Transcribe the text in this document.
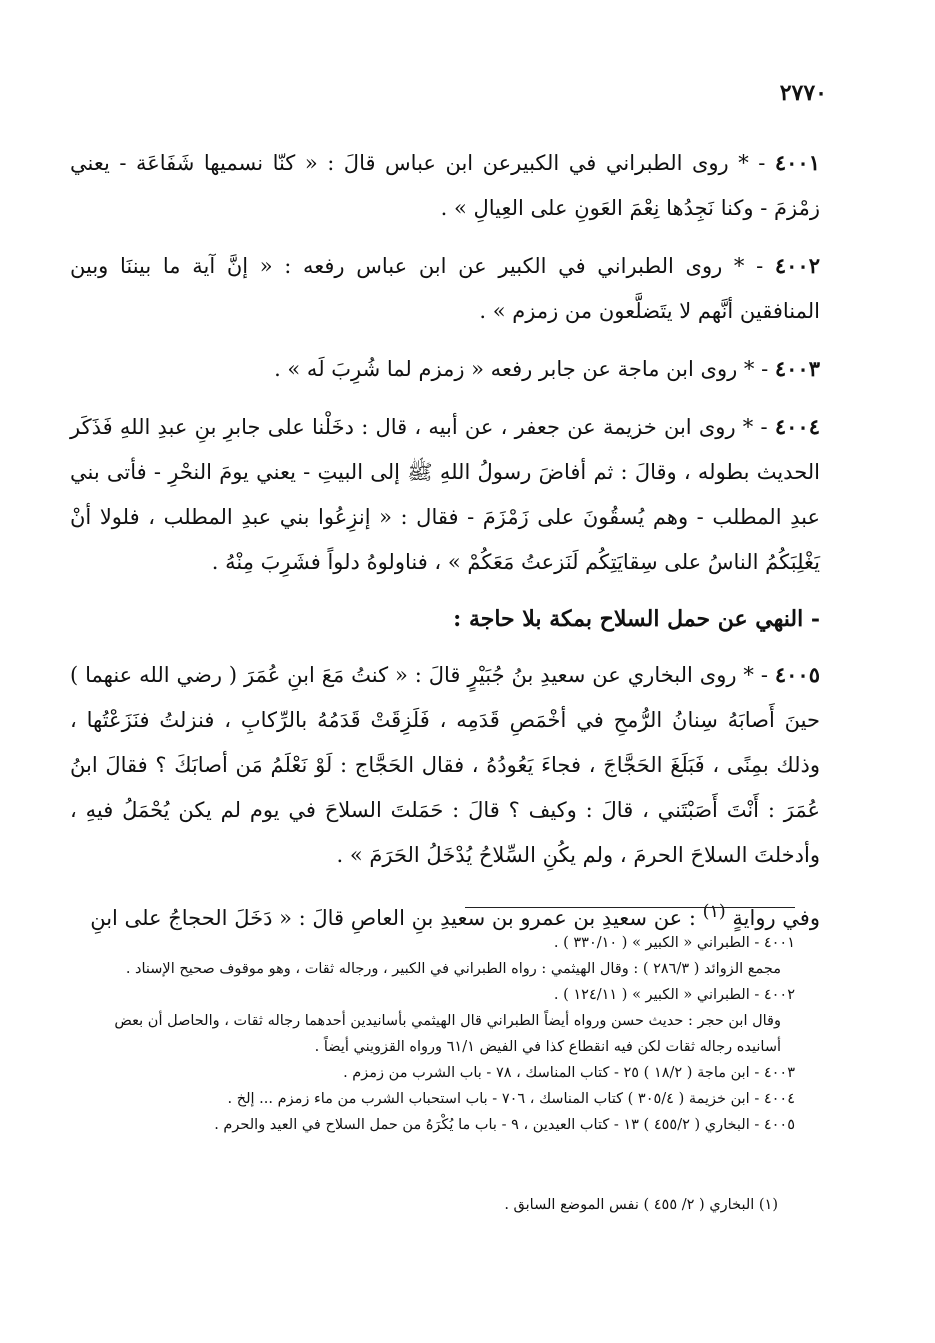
٢٧٧٠

٤٠٠١ - * روى الطبراني في الكبيرعن ابن عباس قالَ : « كنّا نسميها شَفَاعَة - يعني زمْزمَ - وكنا نَجِدُها نِعْمَ العَونِ على العِيالِ » .

٤٠٠٢ - * روى الطبراني في الكبير عن ابن عباس رفعه : « إنَّ آية ما بيننَا وبين المنافقين أنَّهم لا يتَضلَّعون من زمزم » .

٤٠٠٣ - * روى ابن ماجة عن جابر رفعه « زمزم لما شُرِبَ لَه » .

٤٠٠٤ - * روى ابن خزيمة عن جعفر ، عن أبيه ، قال : دخَلْنا على جابرِ بنِ عبدِ اللهِ فَذَكَر الحديث بطوله ، وقالَ : ثم أفاضَ رسولُ اللهِ ﷺ إلى البيتِ - يعني يومَ النحْرِ - فأتى بني عبدِ المطلب - وهم يُسقُونَ على زَمْزَمَ - فقال : « إنزِعُوا بني عبدِ المطلب ، فلولا أنْ يَغْلِبَكُمُ الناسُ على سِقايَتِكُم لَنَزعتُ مَعَكُمْ » ، فناولوهُ دلواً فشَرِبَ مِنْهُ .

- النهي عن حمل السلاح بمكة بلا حاجة :

٤٠٠٥ - * روى البخاري عن سعيدِ بنُ جُبَيْرٍ قالَ : « كنتُ مَعَ ابنِ عُمَرَ ( رضي الله عنهما ) حينَ أَصابَهُ سِنانُ الرُّمحِ في أخْمَصِ قَدَمِه ، فَلَزِقَتْ قَدَمُهُ بالرِّكابِ ، فنزلتُ فنَزَعْتُها ، وذلك بمِنًى ، فَبَلَغَ الحَجَّاجَ ، فجاءَ يَعُودُهُ ، فقال الحَجَّاج : لَوْ نَعْلَمُ مَن أصابَكَ ؟ فقالَ ابنُ عُمَرَ : أَنْتَ أَصَبْتَني ، قالَ : وكيف ؟ قالَ : حَمَلتَ السلاحَ في يوم لم يكن يُحْمَلُ فيهِ ، وأدخلتَ السلاحَ الحرمَ ، ولم يكُنِ السِّلاحُ يُدْخَلُ الحَرَمَ » .

وفي روايةٍ $^{(١)}$ : عن سعيدِ بن عمرو بن سعيدِ بنِ العاصِ قالَ : « دَخَلَ الحجاجُ على ابنِ

٤٠٠١ - الطبراني « الكبير » ( ٣٣٠/١٠ ) .

مجمع الزوائد ( ٢٨٦/٣ ) : وقال الهيثمي : رواه الطبراني في الكبير ، ورجاله ثقات ، وهو موقوف صحيح الإسناد .

٤٠٠٢ - الطبراني « الكبير » ( ١٢٤/١١ ) .

وقال ابن حجر : حديث حسن ورواه أيضاً الطبراني قال الهيثمي بأسانيدين أحدهما رجاله ثقات ، والحاصل أن بعض أسانيده رجاله ثقات لكن فيه انقطاع كذا في الفيض ٦١/١ ورواه القزويني أيضاً .

٤٠٠٣ - ابن ماجة ( ١٨/٢ ) ٢٥ - كتاب المناسك ، ٧٨ - باب الشرب من زمزم .

٤٠٠٤ - ابن خزيمة ( ٣٠٥/٤ ) كتاب المناسك ، ٧٠٦ - باب استحباب الشرب من ماء زمزم ... إلخ .

٤٠٠٥ - البخاري ( ٤٥٥/٢ ) ١٣ - كتاب العيدين ، ٩ - باب ما يُكْرَهُ من حمل السلاح في العيد والحرم .

(١) البخاري ( ٢/ ٤٥٥ ) نفس الموضع السابق .
